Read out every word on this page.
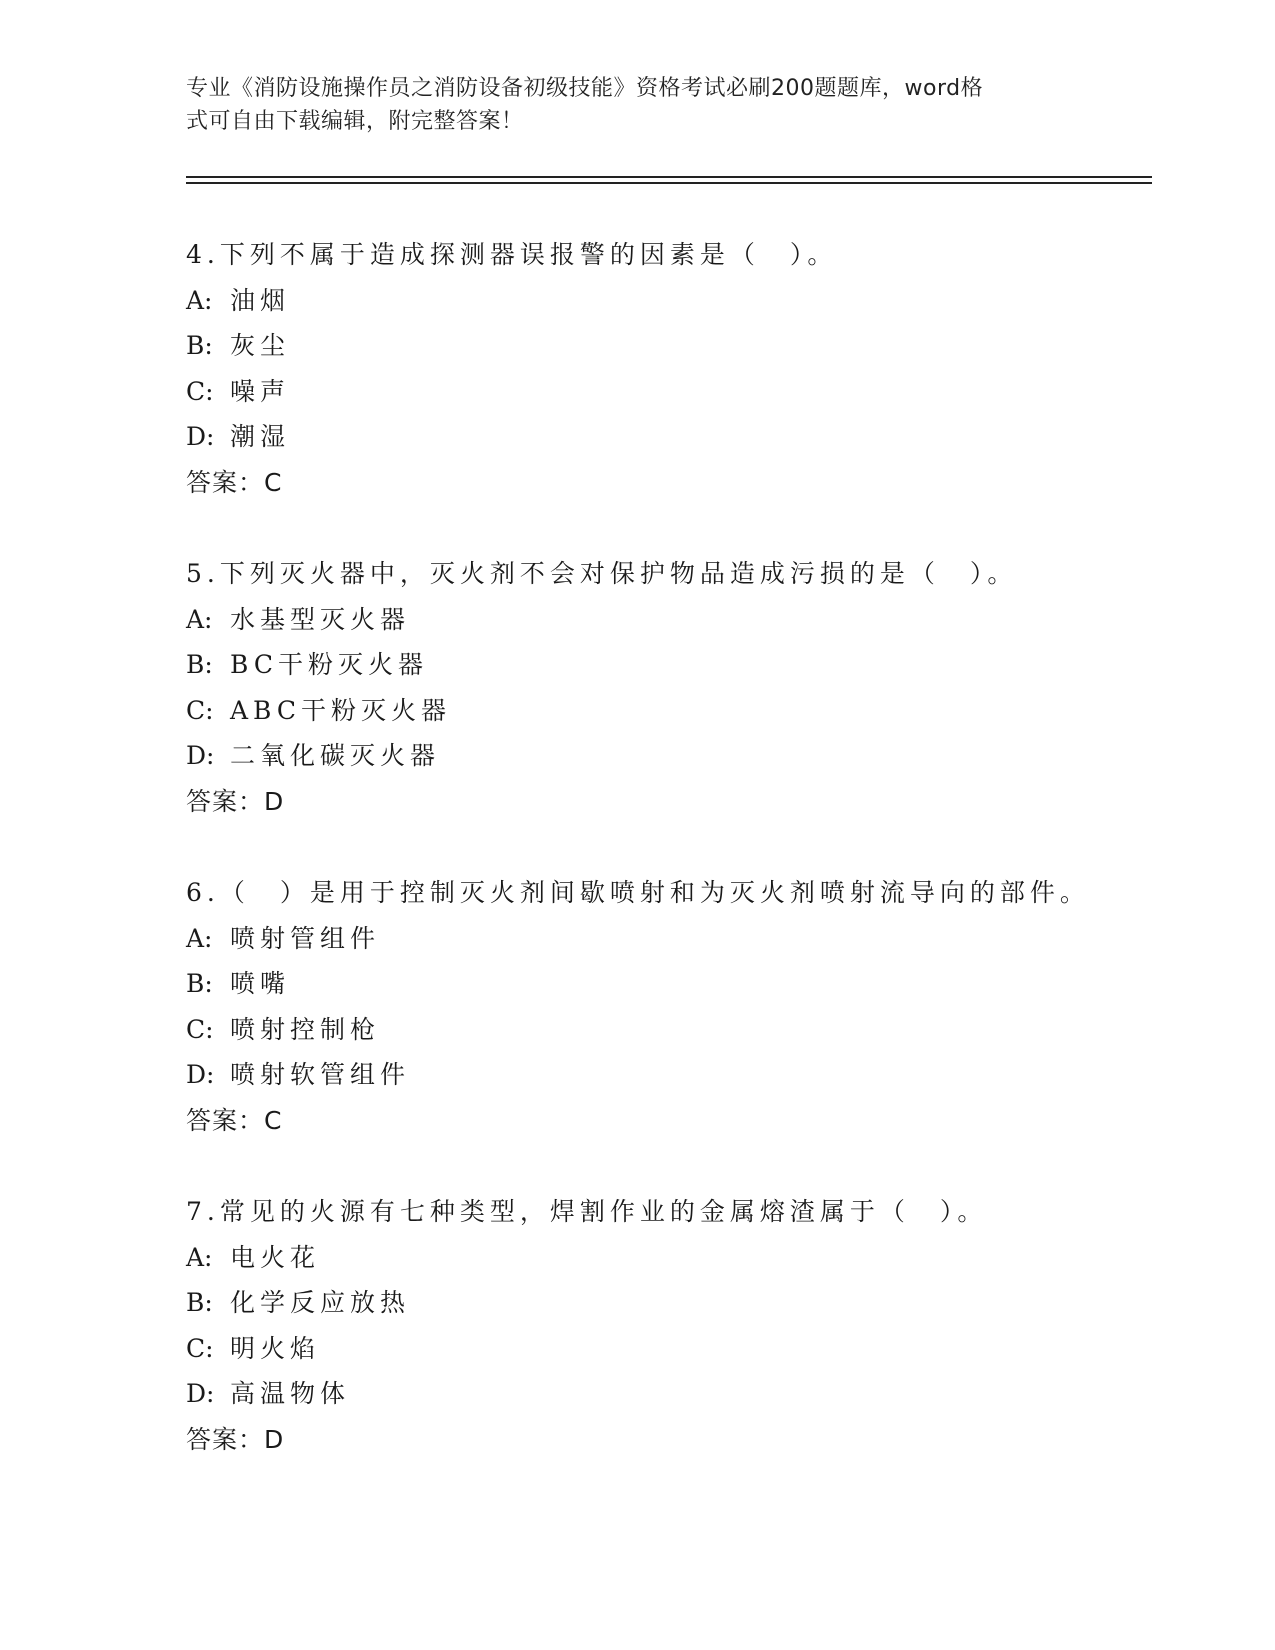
专业《消防设施操作员之消防设备初级技能》资格考试必刷200题题库，word格
式可自由下载编辑，附完整答案！
4.下列不属于造成探测器误报警的因素是（　）。
A: 油烟
B: 灰尘
C: 噪声
D: 潮湿
答案：C
5.下列灭火器中，灭火剂不会对保护物品造成污损的是（　）。
A: 水基型灭火器
B: BC干粉灭火器
C: ABC干粉灭火器
D: 二氧化碳灭火器
答案：D
6.（　）是用于控制灭火剂间歇喷射和为灭火剂喷射流导向的部件。
A: 喷射管组件
B: 喷嘴
C: 喷射控制枪
D: 喷射软管组件
答案：C
7.常见的火源有七种类型，焊割作业的金属熔渣属于（　）。
A: 电火花
B: 化学反应放热
C: 明火焰
D: 高温物体
答案：D
